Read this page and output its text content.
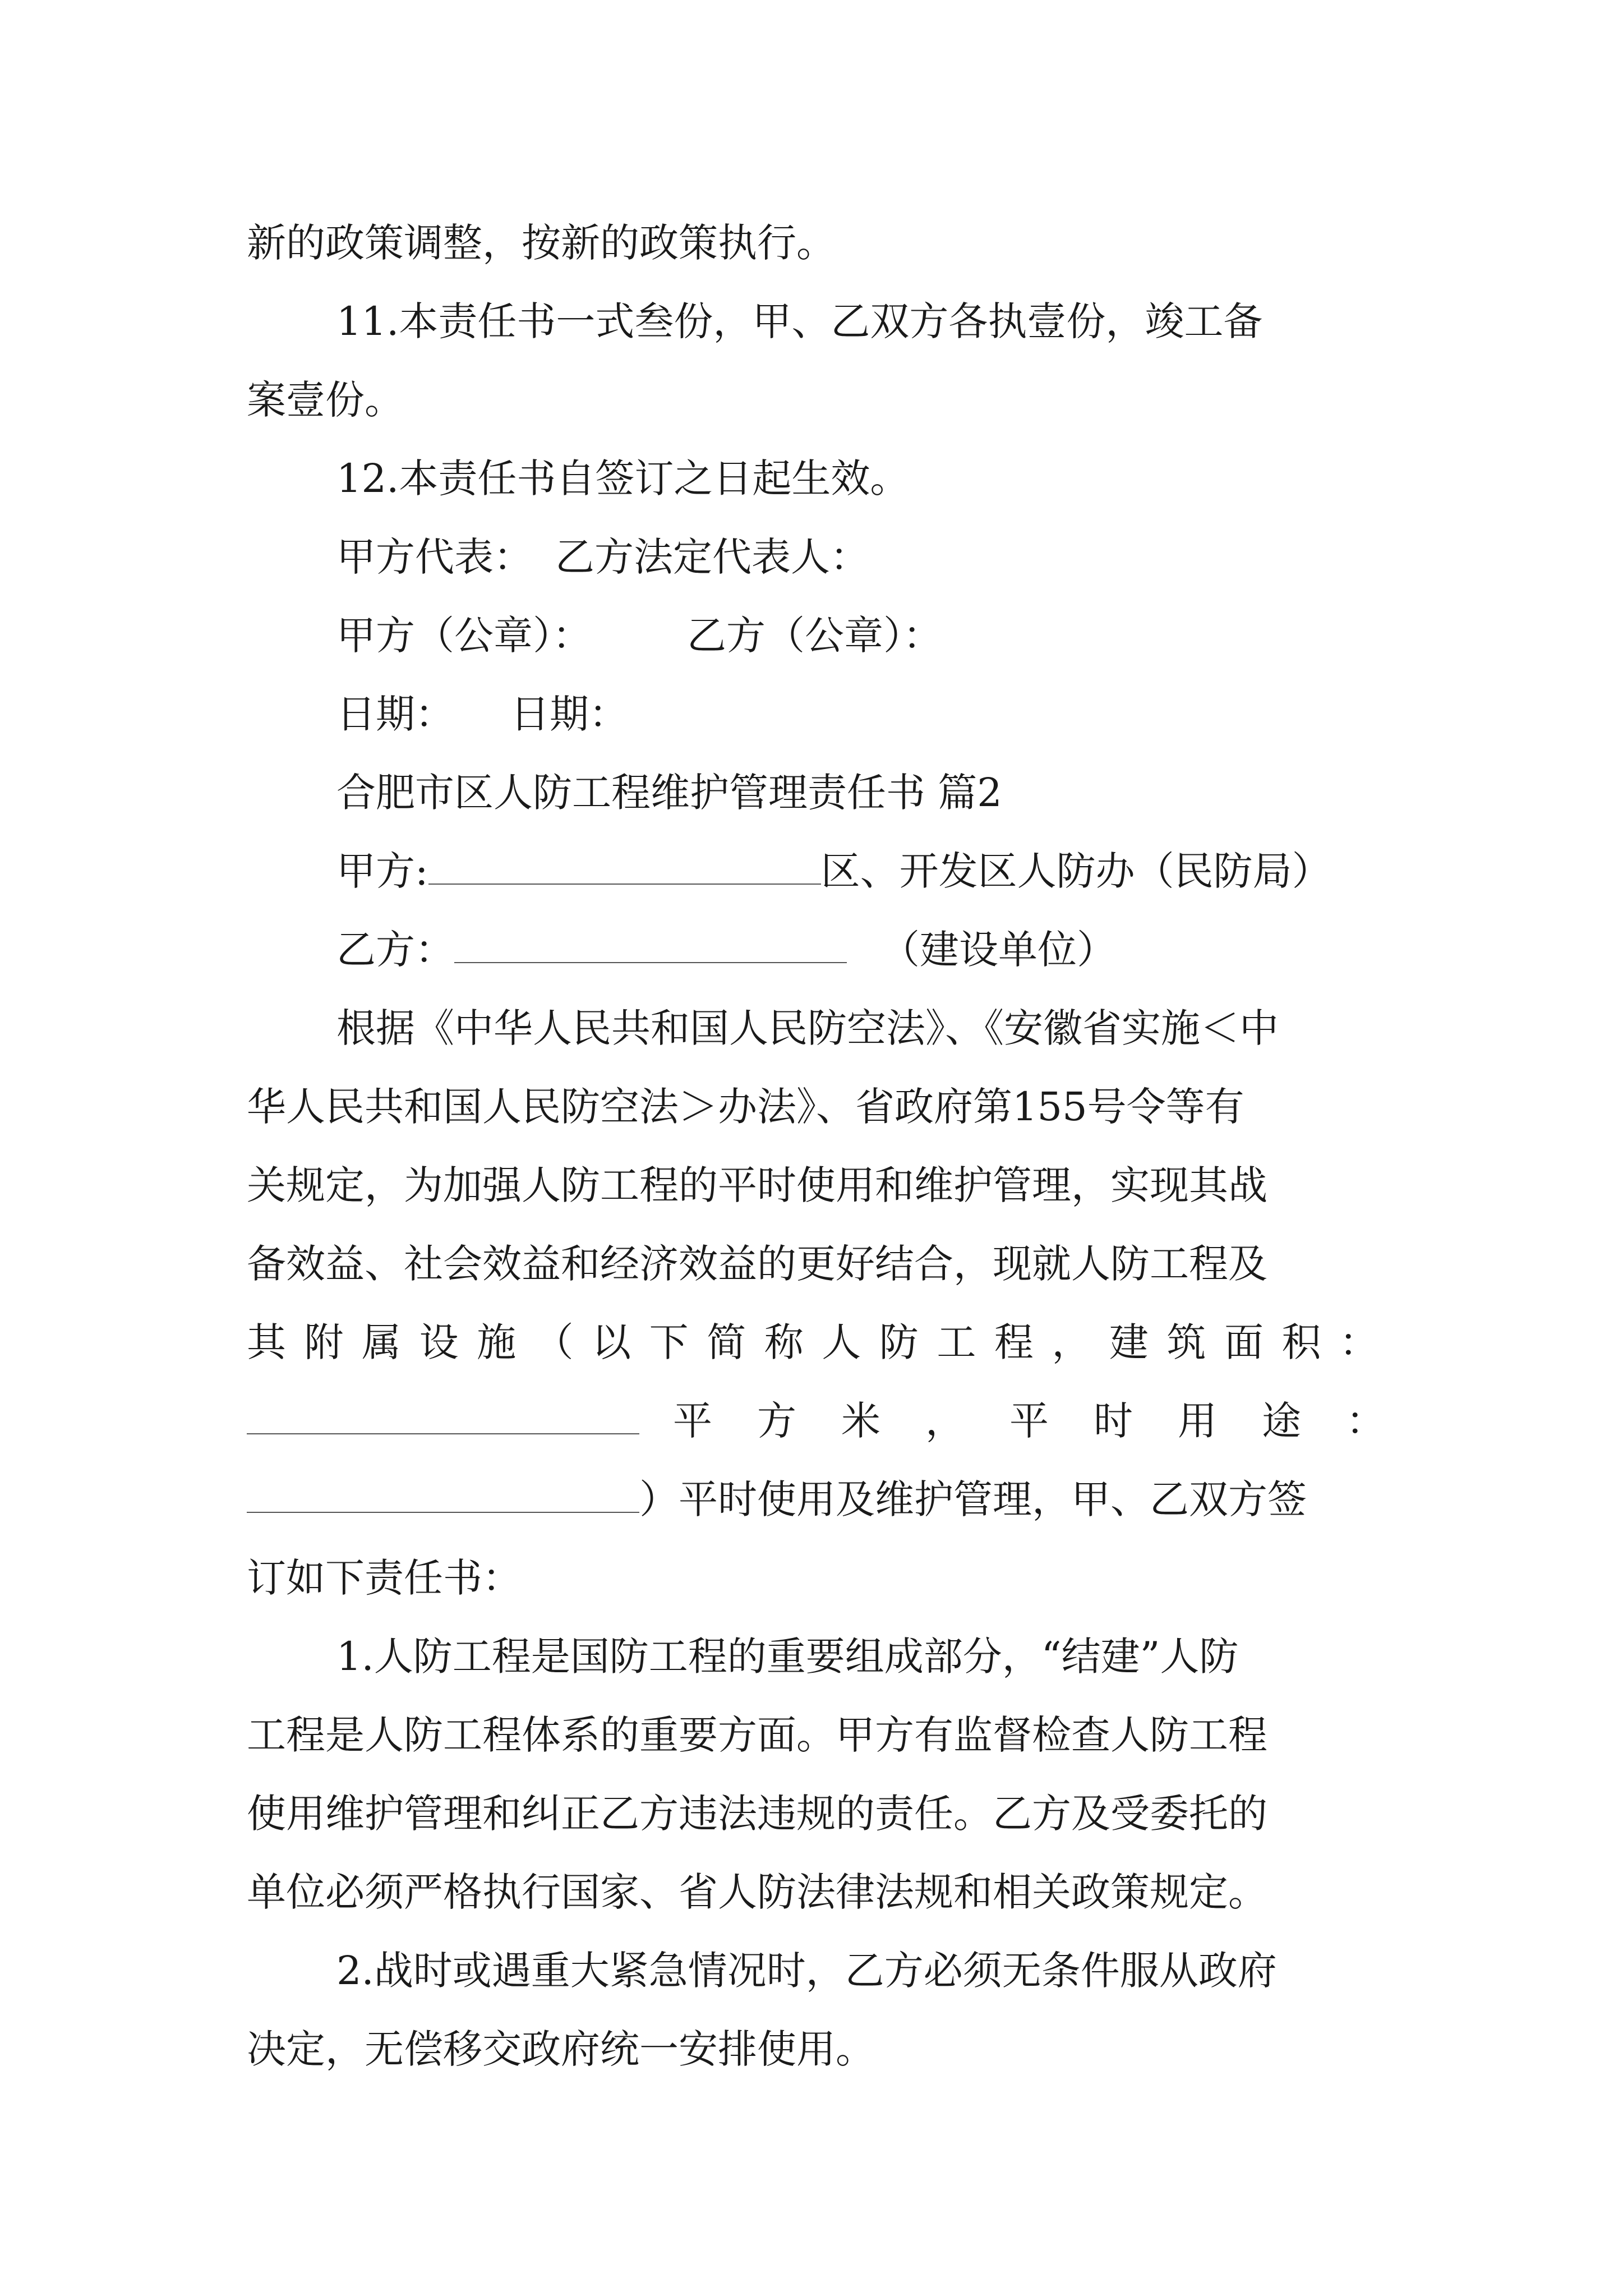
新的政策调整，按新的政策执行。
11.本责任书一式叁份，甲、乙双方各执壹份，竣工备
案壹份。
12.本责任书自签订之日起生效。
甲方代表： 乙方法定代表人：
甲方（公章）： 乙方（公章）：
日期： 日期：
合肥市区人防工程维护管理责任书 篇2
甲方:	区、开发区人防办（民防局）
乙方：	（建设单位）
根据《中华人民共和国人民防空法》、《安徽省实施＜中
华人民共和国人民防空法＞办法》、省政府第155号令等有
关规定，为加强人防工程的平时使用和维护管理，实现其战
备效益、社会效益和经济效益的更好结合，现就人防工程及
其附属设施（以下简称人防工程，建筑面积：
平方米，平时用途：
）平时使用及维护管理，甲、乙双方签
订如下责任书：
1.人防工程是国防工程的重要组成部分，“结建”人防
工程是人防工程体系的重要方面。甲方有监督检查人防工程
使用维护管理和纠正乙方违法违规的责任。乙方及受委托的
单位必须严格执行国家、省人防法律法规和相关政策规定。
2.战时或遇重大紧急情况时，乙方必须无条件服从政府
决定，无偿移交政府统一安排使用。
